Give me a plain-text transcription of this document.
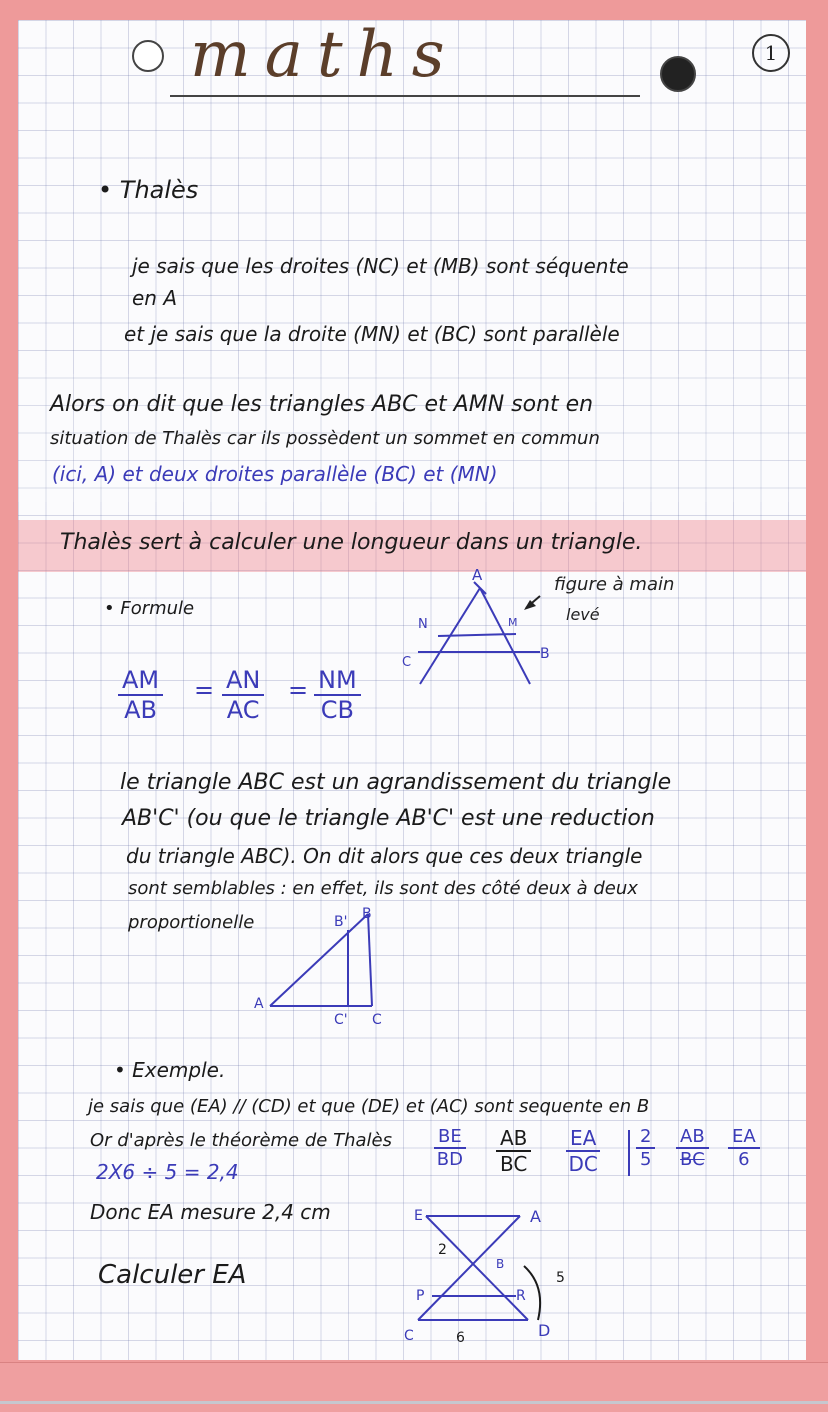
maths	1
• Thalès
je sais que les droites (NC) et (MB) sont séquente
en A
et je sais que la droite (MN) et (BC) sont parallèle
Alors on dit que les triangles ABC et AMN sont en
situation de Thalès car ils possèdent un sommet en commun
(ici, A) et deux droites parallèle (BC) et (MN)
Thalès sert à calculer une longueur dans un triangle.
• Formule
$\frac{AM}{AB} = \frac{AN}{AC} = \frac{NM}{CB}$
A
M
N
B
C
figure à main
levé
le triangle ABC est un agrandissement du triangle
AB'C' (ou que le triangle AB'C' est une reduction
du triangle ABC). On dit alors que ces deux triangle
sont semblables : en effet, ils sont des côté deux à deux
proportionelle
A
B' B
C' C
• Exemple.
je sais que (EA) // (CD) et que (DE) et (AC) sont sequente en B
Or d'après le théorème de Thalès $\frac{BE}{BD} \frac{AB}{BC} \frac{EA}{DC} \frac{2}{5} \frac{AB}{BC} \frac{EA}{6}$
2X6 ÷ 5 = 2,4
Donc EA mesure 2,4 cm
Calculer EA
E	A
2
B
P	R
5
C	6	D
